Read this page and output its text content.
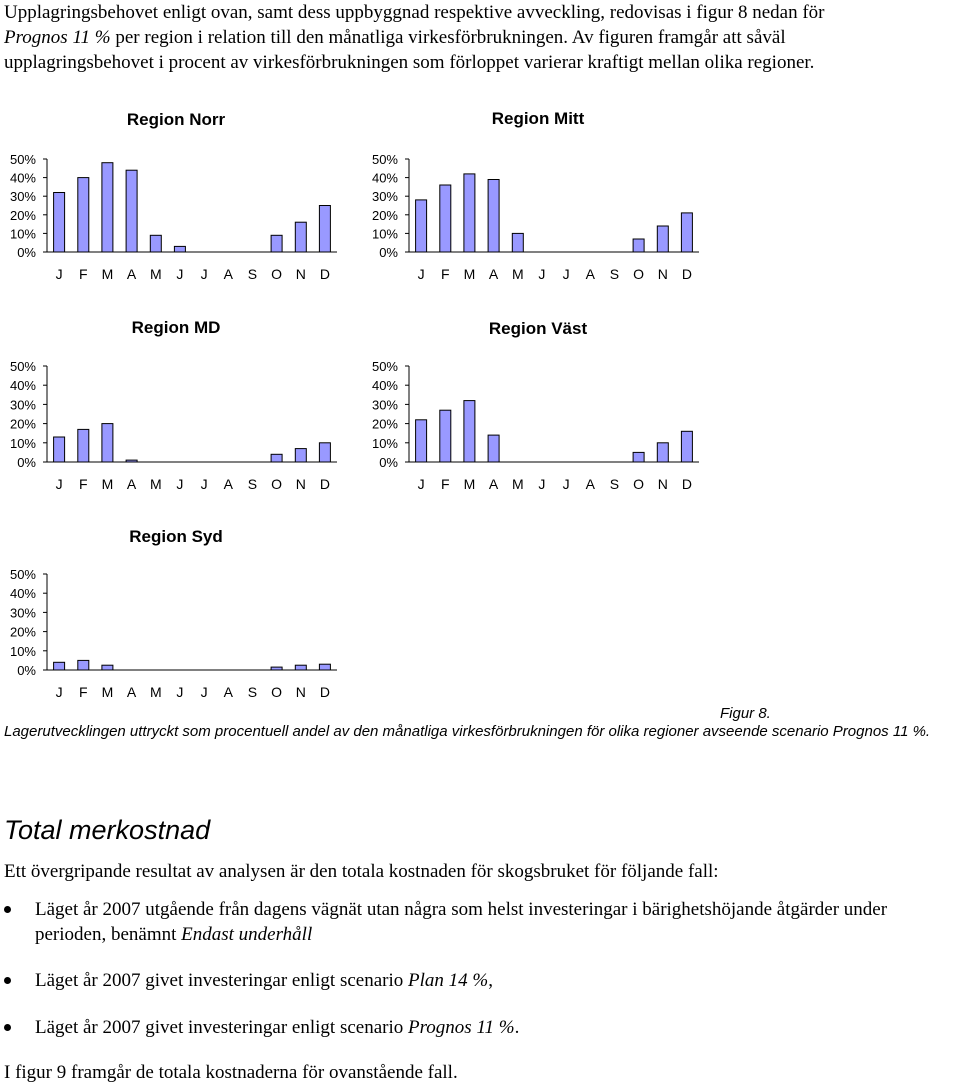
Upplagringsbehovet enligt ovan, samt dess uppbyggnad respektive avveckling, redovisas i figur 8 nedan för
Prognos 11 % per region i relation till den månatliga virkesförbrukningen. Av figuren framgår att såväl
upplagringsbehovet i procent av virkesförbrukningen som förloppet varierar kraftigt mellan olika regioner.

Region Norr
50%
40%
30%
20%
10%
0%
J F M A M J J A S O N D
Region Mitt
50%
40%
30%
20%
10%
0%
J F M A M J J A S O N D
Region MD
50%
40%
30%
20%
10%
0%
J F M A M J J A S O N D
Region Väst
50%
40%
30%
20%
10%
0%
J F M A M J J A S O N D
Region Syd
50%
40%
30%
20%
10%
0%
J F M A M J J A S O N D

Figur 8.
Lagerutvecklingen uttryckt som procentuell andel av den månatliga virkesförbrukningen för olika regioner avseende scenario Prognos 11 %.

Total merkostnad

Ett övergripande resultat av analysen är den totala kostnaden för skogsbruket för följande fall:

Läget år 2007 utgående från dagens vägnät utan några som helst investeringar i bärighetshöjande åtgärder under perioden, benämnt Endast underhåll
Läget år 2007 givet investeringar enligt scenario Plan 14 %,
Läget år 2007 givet investeringar enligt scenario Prognos 11 %.

I figur 9 framgår de totala kostnaderna för ovanstående fall.
